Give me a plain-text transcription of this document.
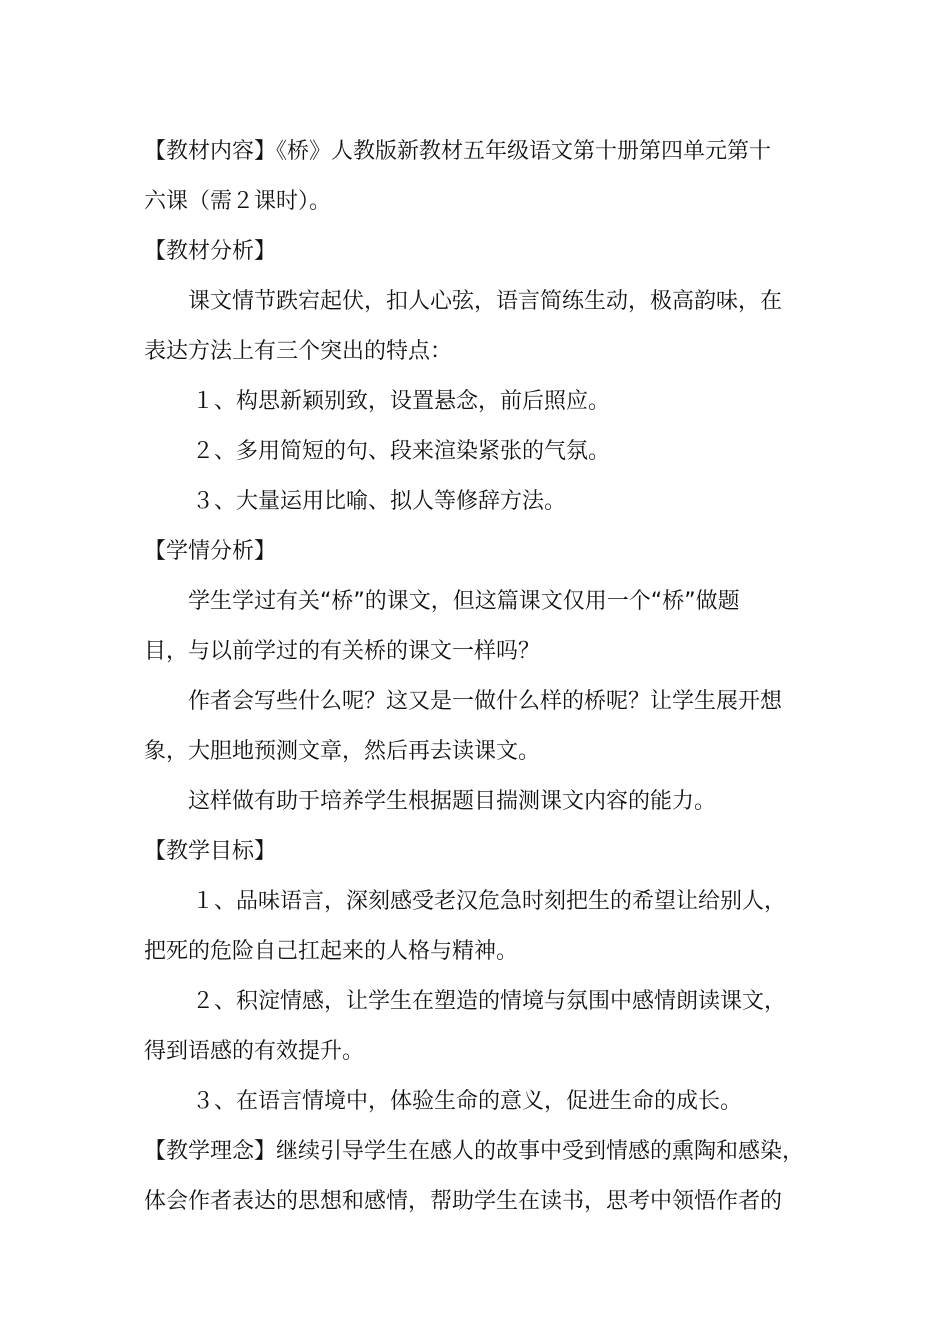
【教材内容】《桥》人教版新教材五年级语文第十册第四单元第十

六课（需２课时）。

【教材分析】

课文情节跌宕起伏，扣人心弦，语言简练生动，极高韵味，在

表达方法上有三个突出的特点：

１、构思新颖别致，设置悬念，前后照应。

２、多用简短的句、段来渲染紧张的气氛。

３、大量运用比喻、拟人等修辞方法。

【学情分析】

学生学过有关“桥”的课文，但这篇课文仅用一个“桥”做题

目，与以前学过的有关桥的课文一样吗？

作者会写些什么呢？这又是一做什么样的桥呢？让学生展开想

象，大胆地预测文章，然后再去读课文。

这样做有助于培养学生根据题目揣测课文内容的能力。

【教学目标】

１、品味语言，深刻感受老汉危急时刻把生的希望让给别人，

把死的危险自己扛起来的人格与精神。

２、积淀情感，让学生在塑造的情境与氛围中感情朗读课文，

得到语感的有效提升。

３、在语言情境中，体验生命的意义，促进生命的成长。

【教学理念】继续引导学生在感人的故事中受到情感的熏陶和感染，

体会作者表达的思想和感情，帮助学生在读书，思考中领悟作者的
